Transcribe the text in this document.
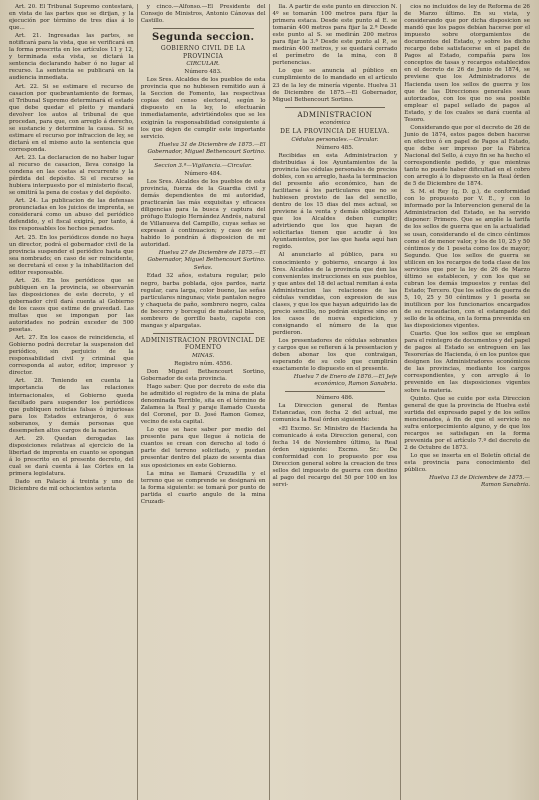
Art. 20. El Tribunal Supremo contestará, en vista de las partes que se dirijan, y la ejecución por término de tres días á lo que...

Art. 21. Ingresadas las partes, se notificará para la vista, que se verificará en la forma prescrita en los artículos 11 y 12, y terminada esta vista, se dictará la sentencia declarando haber ó no lugar al recurso. La sentencia se publicará en la audiencia inmediata.

Art. 22. Si se estimare el recurso de casacion por quebrantamiento de formas, el Tribunal Supremo determinará el estado que debe quedar el pleito y mandará devolver los autos al tribunal de que procedan, para que, con arreglo á derecho, se sustancie y determine la causa. Si se estimare el recurso por infraccion de ley, se dictará en el mismo auto la sentencia que corresponda.

Art. 23. La declaracion de no haber lugar al recurso de casacion, lleva consigo la condena en las costas al recurrente y la pérdida del depósito. Si el recurso se hubiera interpuesto por el ministerio fiscal, se omitirá la pena de costas y del depósito.

Art. 24. La publicacion de las defensas pronunciadas en los juicios de imprenta, se considerará como un abuso del periódico defendido, y el fiscal exigirá, por tanto, á los responsables los hechos penados.

Art. 25. En los periódicos donde no haya un director, podrá el gobernador civil de la provincia suspender el periódico hasta que sea nombrado; en caso de ser reincidente, se decretará el cese y la inhabilitacion del editor responsable.

Art. 26. En los periódicos que se publiquen en la provincia, se observarán las disposiciones de este decreto, y el gobernador civil dará cuenta al Gobierno de los casos que estime de gravedad. Las multas que se impongan por las autoridades no podrán exceder de 500 pesetas.

Art. 27. En los casos de reincidencia, el Gobierno podrá decretar la suspension del periódico, sin perjuicio de la responsabilidad civil y criminal que corresponda al autor, editor, impresor y director.

Art. 28. Teniendo en cuenta la importancia de las relaciones internacionales, el Gobierno queda facultado para suspender los periódicos que publiquen noticias falsas ó injuriosas para los Estados extranjeros, ó sus soberanos, y demás personas que desempeñen altos cargos de la nacion.

Art. 29. Quedan derogadas las disposiciones relativas al ejercicio de la libertad de imprenta en cuanto se opongan á lo prescrito en el presente decreto, del cual se dará cuenta á las Córtes en la primera legislatura.

Dado en Palacio á treinta y uno de Diciembre de mil ochocientos setenta

y cinco.—Alfonso.—El Presidente del Consejo de Ministros, Antonio Cánovas del Castillo.

Segunda seccion.

GOBIERNO CIVIL DE LA PROVINCIA

CIRCULAR.

Número 483.

Los Sres. Alcaldes de los pueblos de esta provincia que no hubiesen remitido aun á la Seccion de Fomento, las respectivas copias del censo electoral, según lo dispuesto en la ley, lo efectuarán inmediatamente, advirtiéndoles que se les exigirán la responsabilidad consiguiente á los que dejen de cumplir este importante servicio.

Huelva 31 de Diciembre de 1875.—El Gobernador, Miguel Bethencourt Sortino.

Seccion 3.ª—Vigilancia.—Circular.

Número 484.

Los Sres. Alcaldes de los pueblos de esta provincia, fuerza de la Guardia civil y demás dependientes de mi autoridad, practicarán las más exquisitas y eficaces diligencias para la busca y captura del prófugo Eulogio Hernández Andrés, natural de Villanueva del Campillo, cuyas señas se expresan á continuacion; y caso de ser habido lo pondrán á disposicion de mi autoridad.

Huelva 27 de Diciembre de 1875.—El Gobernador, Miguel Bethencourt Sortino.

Señas.

Edad 32 años, estatura regular, pelo negro, barba poblada, ojos pardos, nariz regular, cara larga, color bueno, las señas particulares ningunas; viste pantalon negro y chaqueta de paño, sombrero negro, calza de becerro y borceguí de material blanco, sombrero de gorrillo basto, capote con mangas y alpargatas.

ADMINISTRACION PROVINCIAL DE FOMENTO

MINAS.

Registro núm. 4556.

Don Miguel Bethencourt Sortino, Gobernador de esta provincia.

Hago saber: Que por decreto de este dia he admitido el registro de la mina de plata denominada Terrible, sita en el término de Zalamea la Real y paraje llamado Cuesta del Coronel, por D. José Ramon Gomez, vecino de esta capital.

Lo que se hace saber por medio del presente para que llegue á noticia de cuantos se crean con derecho al todo ó parte del terreno solicitado, y puedan presentar dentro del plazo de sesenta dias sus oposiciones en este Gobierno.

La mina se llamará Cruzadilla y el terreno que se comprende se designará en la forma siguiente: se tomará por punto de partida el cuarto angulo de la mina Cruzadi-

lla. A partir de este punto en direccion N. 4º se tomarán 100 metros para fijar la primera estaca. Desde este punto al E. se tomarán 400 metros para fijar la 2.ª Desde este punto al S. se medirán 200 metros para fijar la 3.ª Desde este punto al P., se medirán 400 metros, y se quedará cerrado el perímetro de la mina, con 8 pertenencias.

Lo que se anuncia al público en cumplimiento de lo mandado en el artículo 23 de la ley de minería vigente. Huelva 31 de Diciembre de 1875.—El Gobernador, Miguel Bethencourt Sortino.

ADMINISTRACION

económica

DE LA PROVINCIA DE HUELVA.

Cédulas personales.—Circular.

Número 485.

Recibidas en esta Administracion y distribuidas á los Ayuntamientos de la provincia las cédulas personales de precios dobles, con su arreglo, hasta la terminacion del presente año económico, han de facilitarse á los particulares que no se hubiesen provisto de las del sencillo, dentro de los 15 dias del mes actual, se previene á la venta y demás obligaciones que los Alcaldes deben cumplir; advirtiendo que los que hayan de solicitarlas tienen que acudir á los Ayuntamientos, por las que hasta aquí han regido.

Al anunciarlo al público, para su conocimiento y gobierno, encargo á los Sres. Alcaldes de la provincia que den las convenientes instrucciones en sus pueblos, y que antes del 18 del actual remitan á esta Administracion las relaciones de las cédulas vendidas, con expresion de sus clases, y que los que hayan adquirido las de precio sencillo, no podrán exigirse sino en los casos de nueva expedicion, y consignando el número de la que perdieron.

Los presentadores de cédulas sobrantes y cargos que se refieren á la presentacion y deben abonar los que contraigan, esperando de su celo que cumplirán exactamente lo dispuesto en el presente.

Huelva 7 de Enero de 1876.—El Jefe económico, Ramon Sanabria.

Número 486.

La Direccion general de Rentas Estancadas, con fecha 2 del actual, me comunica la Real órden siguiente:

«El Excmo. Sr. Ministro de Hacienda ha comunicado á esta Direccion general, con fecha 14 de Noviembre último, la Real órden siguiente: Excmo. Sr.: De conformidad con lo propuesto por esa Direccion general sobre la creacion de tres sellos del impuesto de guerra con destino al pago del recargo del 50 por 100 en los servi-

cios no incluidos de ley de Reforma de 26 de Marzo último. En su vista, y considerando que por dicha disposicion se mandó que los pagos debían hacerse por el impuesto sobre otorgamientos de documentos del Estado, y sobre los dicho recargo debe satisfacerse en el papel de Pagos al Estado, compañía para los conceptos de tasas y recargos establecidos en el decreto de 26 de Junio de 1874, se previene que los Administradores de Hacienda usen los sellos de guerra y los que de las Direcciones generales sean autorizados, con los que no sea posible emplear el papel sellado de pagos al Estado, y de los cuales se dará cuenta al Tesoro.

Considerando que por el decreto de 26 de Junio de 1874, estos pagos deben hacerse en efectivo ó en papel de Pagos al Estado, que debe ser impreso por la Fábrica Nacional del Sello, á cuyo fin se ha hecho el correspondiente pedido, y que mientras tanto no puede haber dificultad en el cobro con arreglo á lo dispuesto en la Real órden de 5 de Diciembre de 1874.

S. M. el Rey (q. D. g.), de conformidad con lo propuesto por V. E., y con lo informado por la Intervencion general de la Administracion del Estado, se ha servido disponer: Primero. Que se amplíe la tarifa de los sellos de guerra que en la actualidad se usan, considerando el de cinco céntimos como el de menor valor, y los de 10, 25 y 50 céntimos y de 1 peseta como los de mayor; Segundo. Que los sellos de guerra se utilicen en los recargos de toda clase de los servicios que por la ley de 26 de Marzo último se establecen, y con los que se cubran los demás impuestos y rentas del Estado; Tercero. Que los sellos de guerra de 5, 10, 25 y 50 céntimos y 1 peseta se inutilicen por los funcionarios encargados de su recaudacion, con el estampado del sello de la oficina, en la forma prevenida en las disposiciones vigentes.

Cuarto. Que los sellos que se emplean para el reintegro de documentos y del papel de pagos al Estado se entreguen en las Tesorerías de Hacienda, ó en los puntos que designen los Administradores económicos de las provincias, mediante los cargos correspondientes, y con arreglo á lo prevenido en las disposiciones vigentes sobre la materia.

Quinto. Que se cuide por esta Direccion general de que la provincia de Huelva esté surtida del expresado papel y de los sellos mencionados, á fin de que el servicio no sufra entorpecimiento alguno, y de que los recargos se satisfagan en la forma prevenida por el artículo 7.º del decreto de 2 de Octubre de 1873.

Lo que se inserta en el Boletín oficial de esta provincia para conocimiento del público.

Huelva 13 de Diciembre de 1875.—Ramon Sanabria.
